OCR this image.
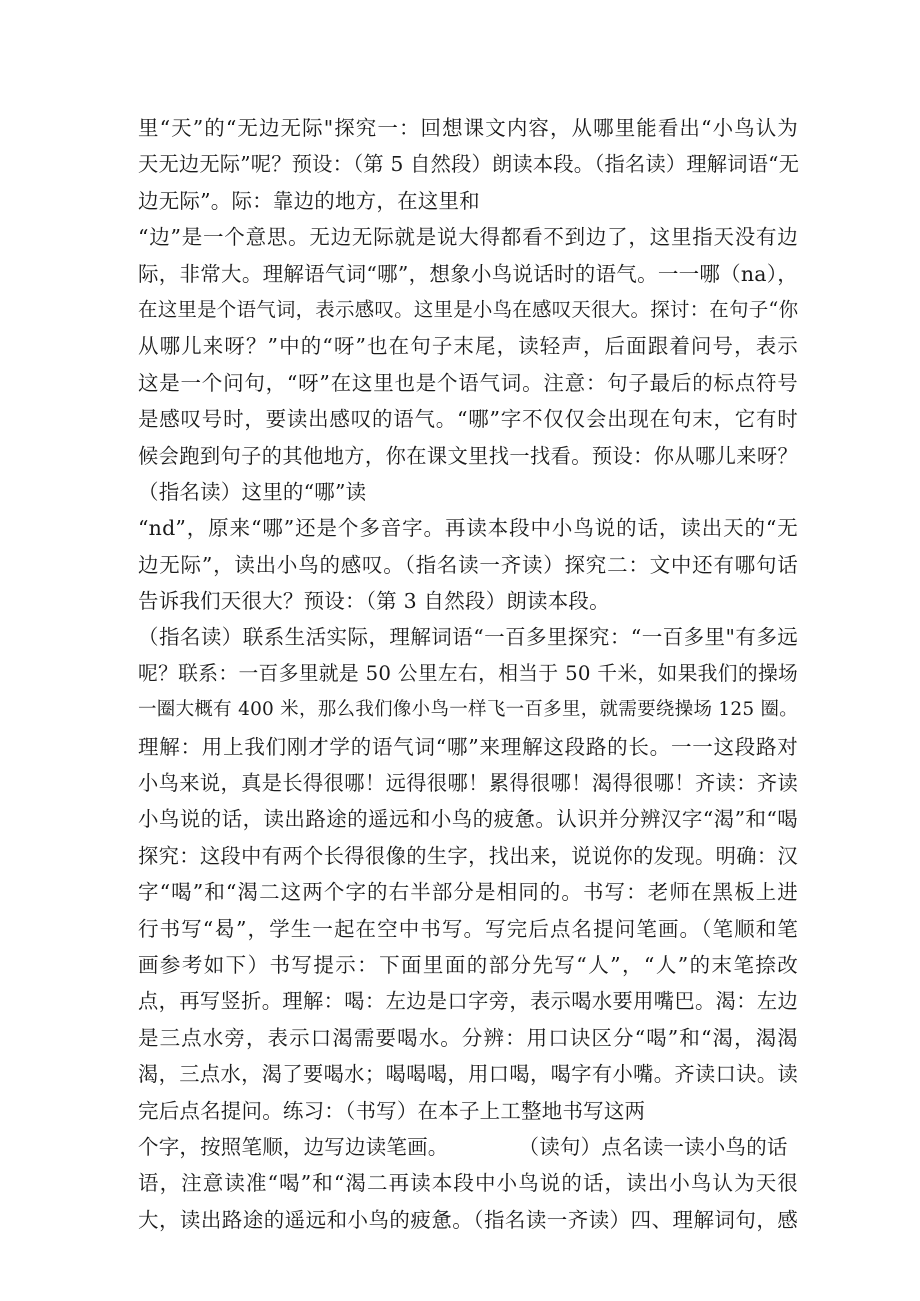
里“天”的“无边无际"探究一：回想课文内容，从哪里能看出“小鸟认为
天无边无际”呢？预设：（第 5 自然段）朗读本段。（指名读）理解词语“无
边无际”。际：靠边的地方，在这里和
“边”是一个意思。无边无际就是说大得都看不到边了，这里指天没有边
际，非常大。理解语气词“哪”，想象小鸟说话时的语气。一一哪（na），
在这里是个语气词，表示感叹。这里是小鸟在感叹天很大。探讨：在句子“你
从哪儿来呀？”中的“呀”也在句子末尾，读轻声，后面跟着问号，表示
这是一个问句，“呀”在这里也是个语气词。注意：句子最后的标点符号
是感叹号时，要读出感叹的语气。“哪”字不仅仅会出现在句末，它有时
候会跑到句子的其他地方，你在课文里找一找看。预设：你从哪儿来呀？
（指名读）这里的“哪”读
“nd”，原来“哪”还是个多音字。再读本段中小鸟说的话，读出天的“无
边无际”，读出小鸟的感叹。（指名读一齐读）探究二：文中还有哪句话
告诉我们天很大？预设：（第 3 自然段）朗读本段。
（指名读）联系生活实际，理解词语“一百多里探究：“一百多里"有多远
呢？联系：一百多里就是 50 公里左右，相当于 50 千米，如果我们的操场
一圈大概有 400 米，那么我们像小鸟一样飞一百多里，就需要绕操场 125 圈。
理解：用上我们刚才学的语气词“哪”来理解这段路的长。一一这段路对
小鸟来说，真是长得很哪！远得很哪！累得很哪！渴得很哪！齐读：齐读
小鸟说的话，读出路途的遥远和小鸟的疲惫。认识并分辨汉字“渴”和“喝
探究：这段中有两个长得很像的生字，找出来，说说你的发现。明确：汉
字“喝”和“渴二这两个字的右半部分是相同的。书写：老师在黑板上进
行书写“曷”，学生一起在空中书写。写完后点名提问笔画。（笔顺和笔
画参考如下）书写提示：下面里面的部分先写“人”，“人”的末笔捺改
点，再写竖折。理解：喝：左边是口字旁，表示喝水要用嘴巴。渴：左边
是三点水旁，表示口渴需要喝水。分辨：用口诀区分“喝”和“渴，渴渴
渴，三点水，渴了要喝水；喝喝喝，用口喝，喝字有小嘴。齐读口诀。读
完后点名提问。练习：（书写）在本子上工整地书写这两
个字，按照笔顺，边写边读笔画。	（读句）点名读一读小鸟的话
语，注意读准“喝”和“渴二再读本段中小鸟说的话，读出小鸟认为天很
大，读出路途的遥远和小鸟的疲惫。（指名读一齐读）四、理解词句，感
